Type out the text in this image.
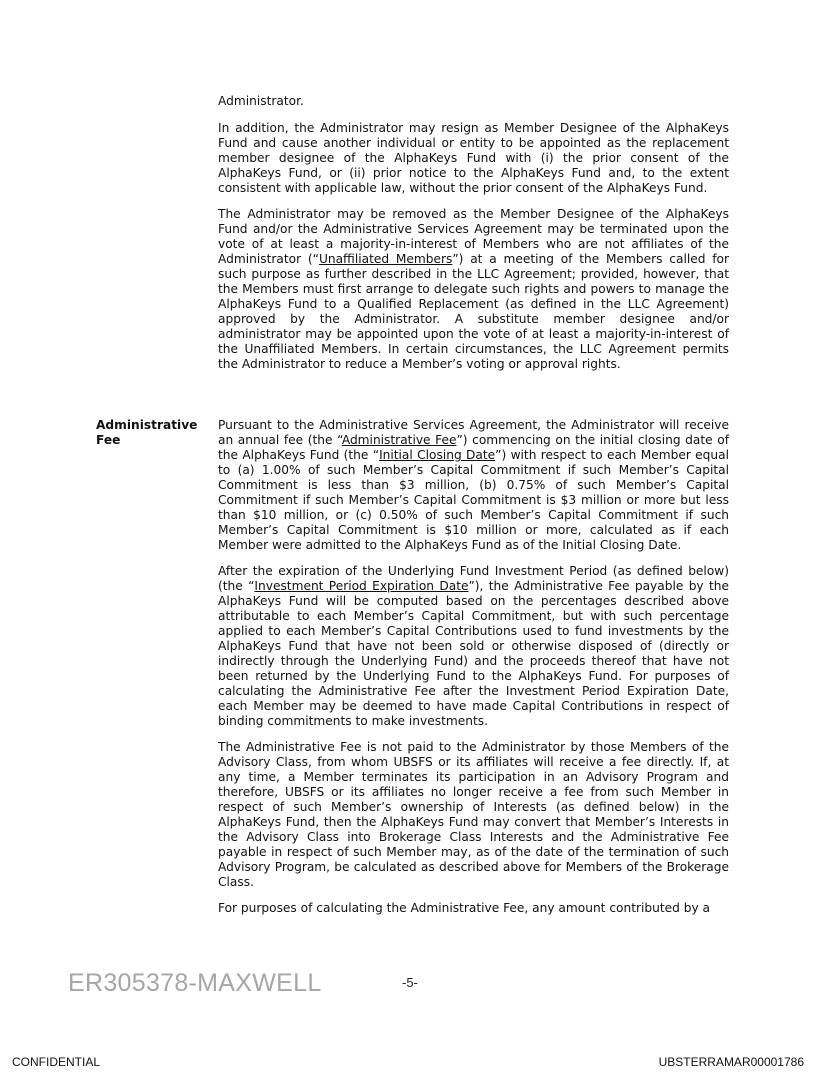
Administrator.

In addition, the Administrator may resign as Member Designee of the AlphaKeys Fund and cause another individual or entity to be appointed as the replacement member designee of the AlphaKeys Fund with (i) the prior consent of the AlphaKeys Fund, or (ii) prior notice to the AlphaKeys Fund and, to the extent consistent with applicable law, without the prior consent of the AlphaKeys Fund.

The Administrator may be removed as the Member Designee of the AlphaKeys Fund and/or the Administrative Services Agreement may be terminated upon the vote of at least a majority-in-interest of Members who are not affiliates of the Administrator (“Unaffiliated Members”) at a meeting of the Members called for such purpose as further described in the LLC Agreement; provided, however, that the Members must first arrange to delegate such rights and powers to manage the AlphaKeys Fund to a Qualified Replacement (as defined in the LLC Agreement) approved by the Administrator. A substitute member designee and/or administrator may be appointed upon the vote of at least a majority-in-interest of the Unaffiliated Members. In certain circumstances, the LLC Agreement permits the Administrator to reduce a Member’s voting or approval rights.

Administrative
Fee

Pursuant to the Administrative Services Agreement, the Administrator will receive an annual fee (the “Administrative Fee”) commencing on the initial closing date of the AlphaKeys Fund (the “Initial Closing Date”) with respect to each Member equal to (a) 1.00% of such Member’s Capital Commitment if such Member’s Capital Commitment is less than $3 million, (b) 0.75% of such Member’s Capital Commitment if such Member’s Capital Commitment is $3 million or more but less than $10 million, or (c) 0.50% of such Member’s Capital Commitment if such Member’s Capital Commitment is $10 million or more, calculated as if each Member were admitted to the AlphaKeys Fund as of the Initial Closing Date.

After the expiration of the Underlying Fund Investment Period (as defined below) (the “Investment Period Expiration Date”), the Administrative Fee payable by the AlphaKeys Fund will be computed based on the percentages described above attributable to each Member’s Capital Commitment, but with such percentage applied to each Member’s Capital Contributions used to fund investments by the AlphaKeys Fund that have not been sold or otherwise disposed of (directly or indirectly through the Underlying Fund) and the proceeds thereof that have not been returned by the Underlying Fund to the AlphaKeys Fund. For purposes of calculating the Administrative Fee after the Investment Period Expiration Date, each Member may be deemed to have made Capital Contributions in respect of binding commitments to make investments.

The Administrative Fee is not paid to the Administrator by those Members of the Advisory Class, from whom UBSFS or its affiliates will receive a fee directly. If, at any time, a Member terminates its participation in an Advisory Program and therefore, UBSFS or its affiliates no longer receive a fee from such Member in respect of such Member’s ownership of Interests (as defined below) in the AlphaKeys Fund, then the AlphaKeys Fund may convert that Member’s Interests in the Advisory Class into Brokerage Class Interests and the Administrative Fee payable in respect of such Member may, as of the date of the termination of such Advisory Program, be calculated as described above for Members of the Brokerage Class.

For purposes of calculating the Administrative Fee, any amount contributed by a

ER305378-MAXWELL	-5-
CONFIDENTIAL	UBSTERRAMAR00001786
